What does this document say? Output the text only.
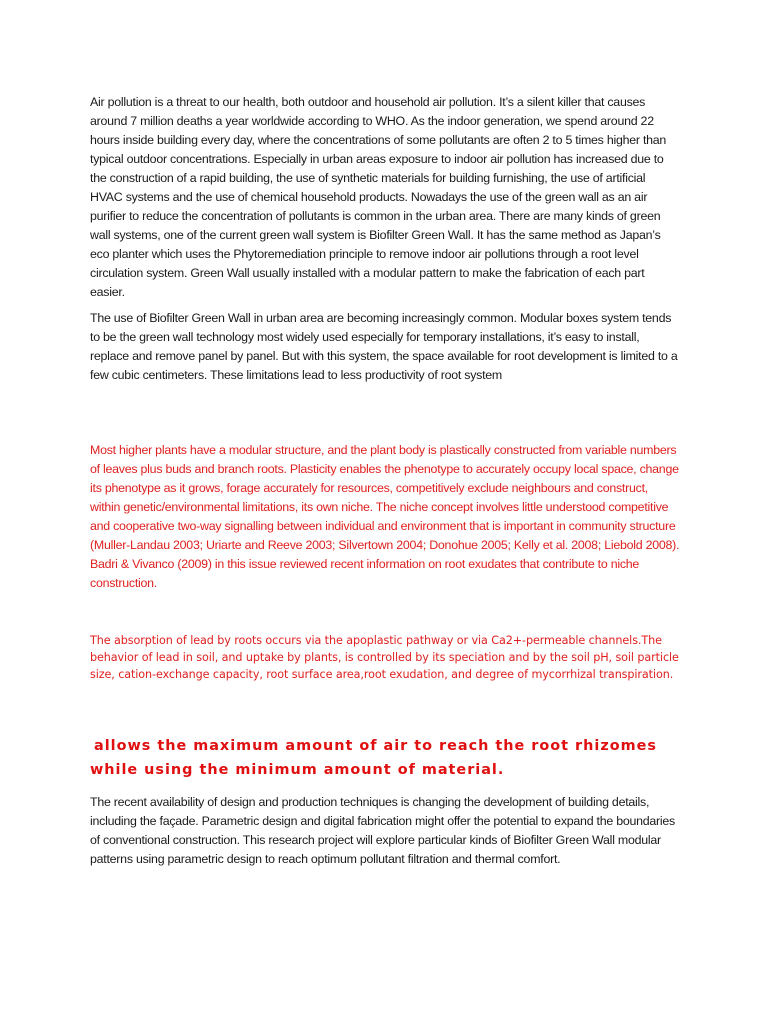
Air pollution is a threat to our health, both outdoor and household air pollution. It’s a silent killer that causes around 7 million deaths a year worldwide according to WHO. As the indoor generation, we spend around 22 hours inside building every day, where the concentrations of some pollutants are often 2 to 5 times higher than typical outdoor concentrations. Especially in urban areas exposure to indoor air pollution has increased due to the construction of a rapid building, the use of synthetic materials for building furnishing, the use of artificial HVAC systems and the use of chemical household products. Nowadays the use of the green wall as an air purifier to reduce the concentration of pollutants is common in the urban area. There are many kinds of green wall systems, one of the current green wall system is Biofilter Green Wall. It has the same method as Japan’s eco planter which uses the Phytoremediation principle to remove indoor air pollutions through a root level circulation system. Green Wall usually installed with a modular pattern to make the fabrication of each part easier.

The use of Biofilter Green Wall in urban area are becoming increasingly common. Modular boxes system tends to be the green wall technology most widely used especially for temporary installations, it’s easy to install, replace and remove panel by panel. But with this system, the space available for root development is limited to a few cubic centimeters. These limitations lead to less productivity of root system

Most higher plants have a modular structure, and the plant body is plastically constructed from variable numbers of leaves plus buds and branch roots. Plasticity enables the phenotype to accurately occupy local space, change its phenotype as it grows, forage accurately for resources, competitively exclude neighbours and construct, within genetic/environmental limitations, its own niche. The niche concept involves little understood competitive and cooperative two-way signalling between individual and environment that is important in community structure (Muller-Landau 2003; Uriarte and Reeve 2003; Silvertown 2004; Donohue 2005; Kelly et al. 2008; Liebold 2008). Badri & Vivanco (2009) in this issue reviewed recent information on root exudates that contribute to niche construction.

The absorption of lead by roots occurs via the apoplastic pathway or via Ca2+-permeable channels.The behavior of lead in soil, and uptake by plants, is controlled by its speciation and by the soil pH, soil particle size, cation-exchange capacity, root surface area,root exudation, and degree of mycorrhizal transpiration.

allows the maximum amount of air to reach the root rhizomes while using the minimum amount of material.

The recent availability of design and production techniques is changing the development of building details, including the façade. Parametric design and digital fabrication might offer the potential to expand the boundaries of conventional construction. This research project will explore particular kinds of Biofilter Green Wall modular patterns using parametric design to reach optimum pollutant filtration and thermal comfort.
